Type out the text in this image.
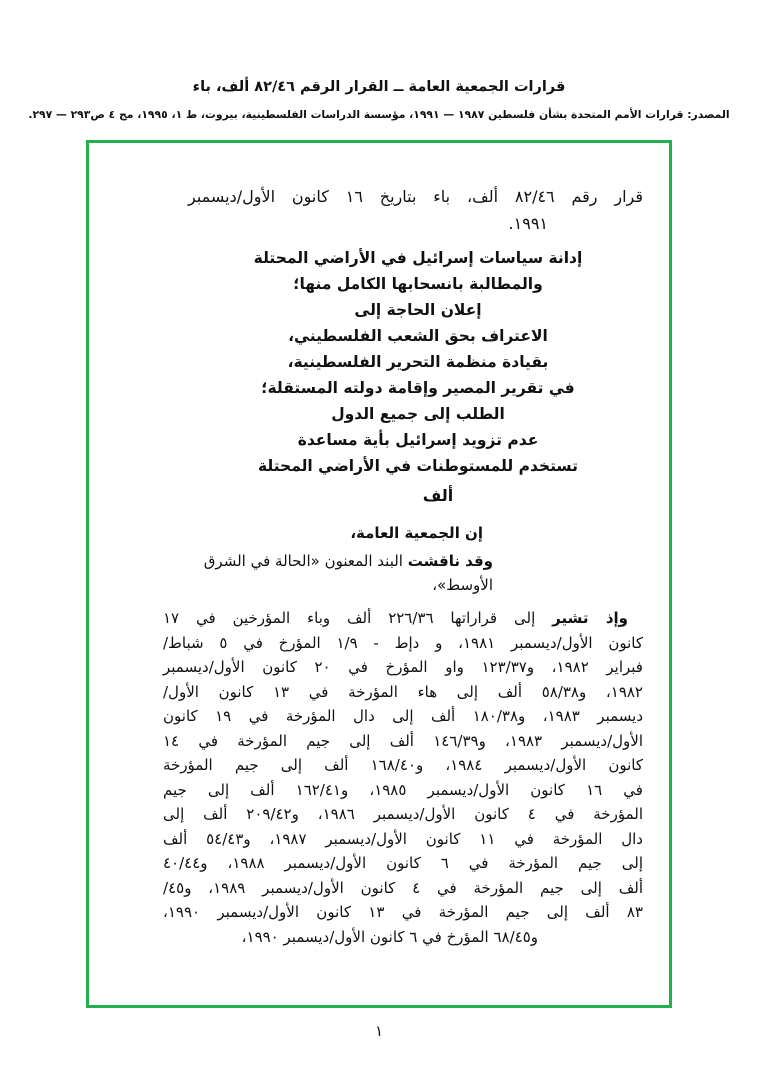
قرارات الجمعية العامة ــ القرار الرقم ٨٢/٤٦ ألف، باء
المصدر: قرارات الأمم المتحدة بشأن فلسطين ١٩٨٧ — ١٩٩١، مؤسسة الدراسات الفلسطينية، بيروت، ط ١، ١٩٩٥، مج ٤ ص٢٩٣ — ٢٩٧.
قرار رقم ٨٢/٤٦ ألف، باء بتاريخ ١٦ كانون الأول/ديسمبر
١٩٩١.
إدانة سياسات إسرائيل في الأراضي المحتلة
والمطالبة بانسحابها الكامل منها؛
إعلان الحاجة إلى
الاعتراف بحق الشعب الفلسطيني،
بقيادة منظمة التحرير الفلسطينية،
في تقرير المصير وإقامة دولته المستقلة؛
الطلب إلى جميع الدول
عدم تزويد إسرائيل بأية مساعدة
تستخدم للمستوطنات في الأراضي المحتلة
ألف
إن الجمعية العامة،
وقد ناقشت البند المعنون «الحالة في الشرق الأوسط»،
وإذ تشير إلى قراراتها ٢٢٦/٣٦ ألف وباء المؤرخين في ١٧
كانون الأول/ديسمبر ١٩٨١، و دإط - ١/٩ المؤرخ في ٥ شباط/
فبراير ١٩٨٢، و١٢٣/٣٧ واو المؤرخ في ٢٠ كانون الأول/ديسمبر
١٩٨٢، و٥٨/٣٨ ألف إلى هاء المؤرخة في ١٣ كانون الأول/
ديسمبر ١٩٨٣، و١٨٠/٣٨ ألف إلى دال المؤرخة في ١٩ كانون
الأول/ديسمبر ١٩٨٣، و١٤٦/٣٩ ألف إلى جيم المؤرخة في ١٤
كانون الأول/ديسمبر ١٩٨٤، و١٦٨/٤٠ ألف إلى جيم المؤرخة
في ١٦ كانون الأول/ديسمبر ١٩٨٥، و١٦٢/٤١ ألف إلى جيم
المؤرخة في ٤ كانون الأول/ديسمبر ١٩٨٦، و٢٠٩/٤٢ ألف إلى
دال المؤرخة في ١١ كانون الأول/ديسمبر ١٩٨٧، و٥٤/٤٣ ألف
إلى جيم المؤرخة في ٦ كانون الأول/ديسمبر ١٩٨٨، و٤٠/٤٤
ألف إلى جيم المؤرخة في ٤ كانون الأول/ديسمبر ١٩٨٩، و٤٥/
٨٣ ألف إلى جيم المؤرخة في ١٣ كانون الأول/ديسمبر ١٩٩٠،
و٦٨/٤٥ المؤرخ في ٦ كانون الأول/ديسمبر ١٩٩٠،
١
